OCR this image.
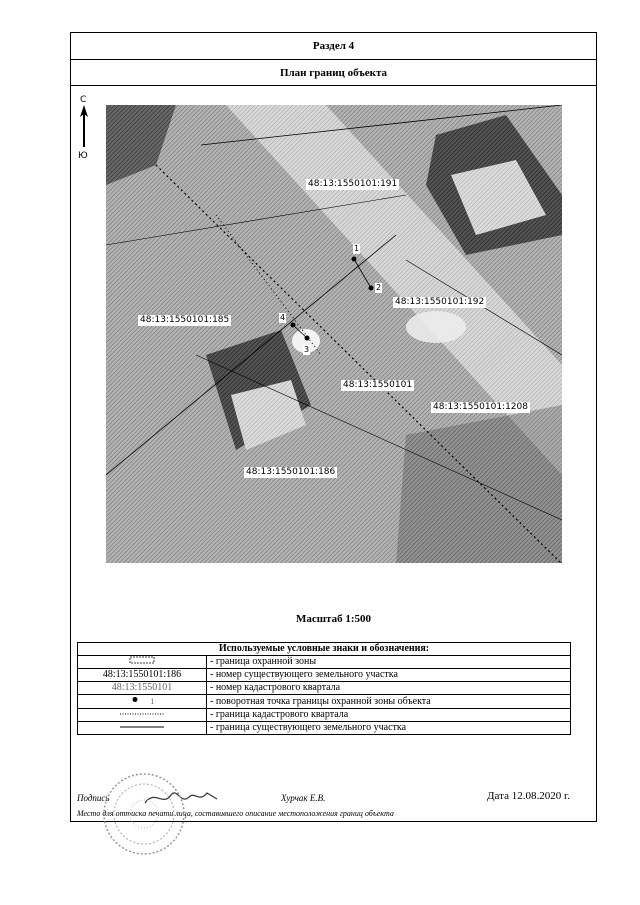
Раздел 4
План границ объекта
С
Ю
48:13:1550101:191
48:13:1550101:192
48:13:1550101:185
48:13:1550101:186
48:13:1550101:1208
48:13:1550101
1
2
3
4
Масштаб 1:500
Используемые условные знаки и обозначения:	
	- граница охранной зоны
48:13:1550101:186	- номер существующего земельного участка
48:13:1550101	- номер кадастрового квартала
1	- поворотная точка границы охранной зоны объекта
	- граница кадастрового квартала
	- граница существующего земельного участка
Подпись	Хурчак Е.В.	Дата 12.08.2020 г.
Место для оттиска печати лица, составившего описание местоположения границ объекта
